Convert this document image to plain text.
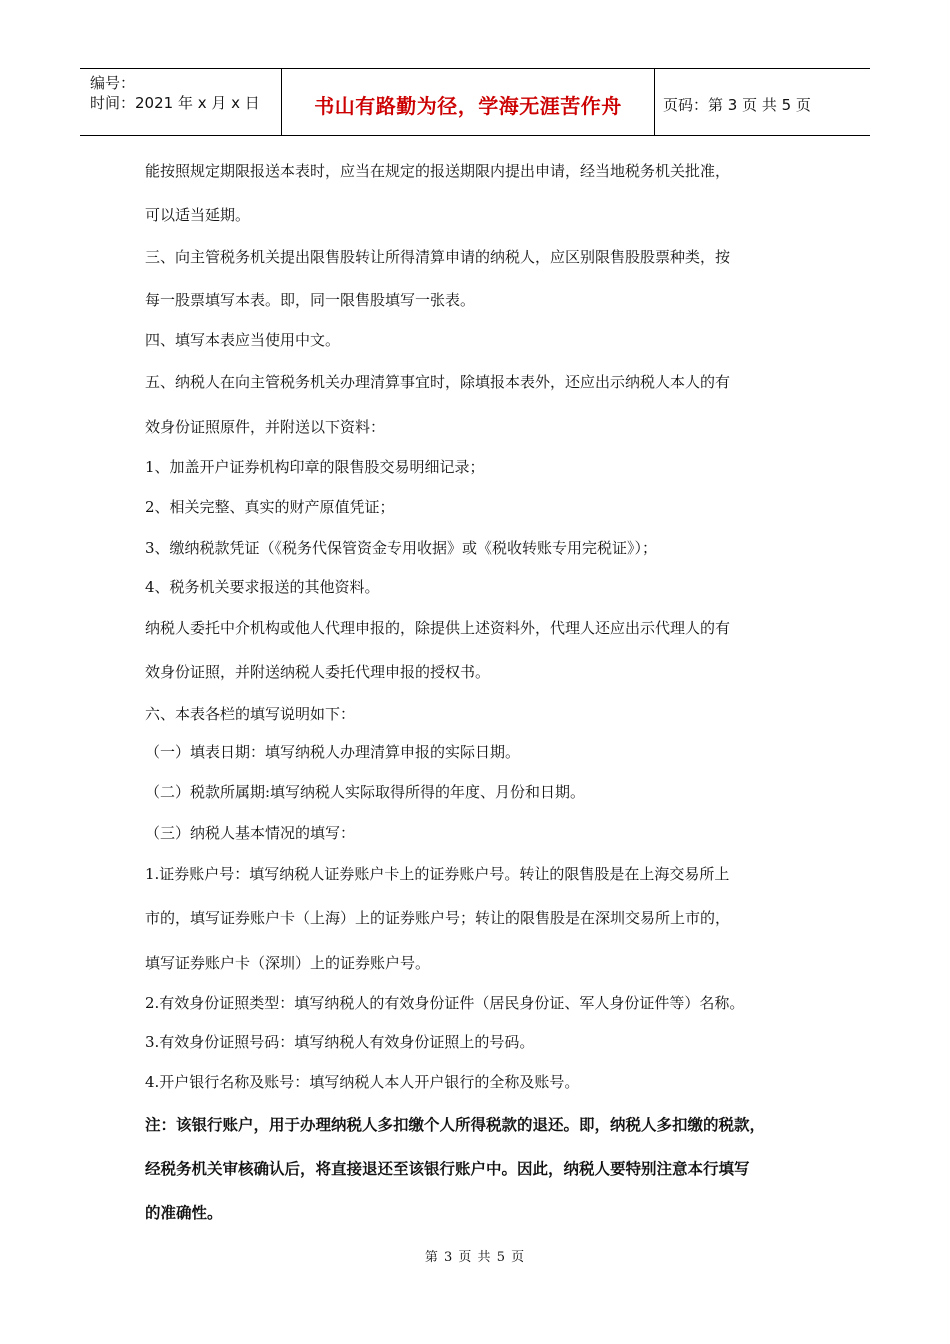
编号：
时间：2021 年 x 月 x 日	书山有路勤为径，学海无涯苦作舟	页码：第 3 页 共 5 页
能按照规定期限报送本表时，应当在规定的报送期限内提出申请，经当地税务机关批准，
可以适当延期。
三、向主管税务机关提出限售股转让所得清算申请的纳税人，应区别限售股股票种类，按
每一股票填写本表。即，同一限售股填写一张表。
四、填写本表应当使用中文。
五、纳税人在向主管税务机关办理清算事宜时，除填报本表外，还应出示纳税人本人的有
效身份证照原件，并附送以下资料：
1、加盖开户证券机构印章的限售股交易明细记录；
2、相关完整、真实的财产原值凭证；
3、缴纳税款凭证（《税务代保管资金专用收据》或《税收转账专用完税证》）；
4、税务机关要求报送的其他资料。
纳税人委托中介机构或他人代理申报的，除提供上述资料外，代理人还应出示代理人的有
效身份证照，并附送纳税人委托代理申报的授权书。
六、本表各栏的填写说明如下：
（一）填表日期：填写纳税人办理清算申报的实际日期。
（二）税款所属期:填写纳税人实际取得所得的年度、月份和日期。
（三）纳税人基本情况的填写：
1.证券账户号：填写纳税人证券账户卡上的证券账户号。转让的限售股是在上海交易所上
市的，填写证券账户卡（上海）上的证券账户号；转让的限售股是在深圳交易所上市的，
填写证券账户卡（深圳）上的证券账户号。
2.有效身份证照类型：填写纳税人的有效身份证件（居民身份证、军人身份证件等）名称。
3.有效身份证照号码：填写纳税人有效身份证照上的号码。
4.开户银行名称及账号：填写纳税人本人开户银行的全称及账号。
注：该银行账户，用于办理纳税人多扣缴个人所得税款的退还。即，纳税人多扣缴的税款，
经税务机关审核确认后，将直接退还至该银行账户中。因此，纳税人要特别注意本行填写
的准确性。
第 3 页 共 5 页
